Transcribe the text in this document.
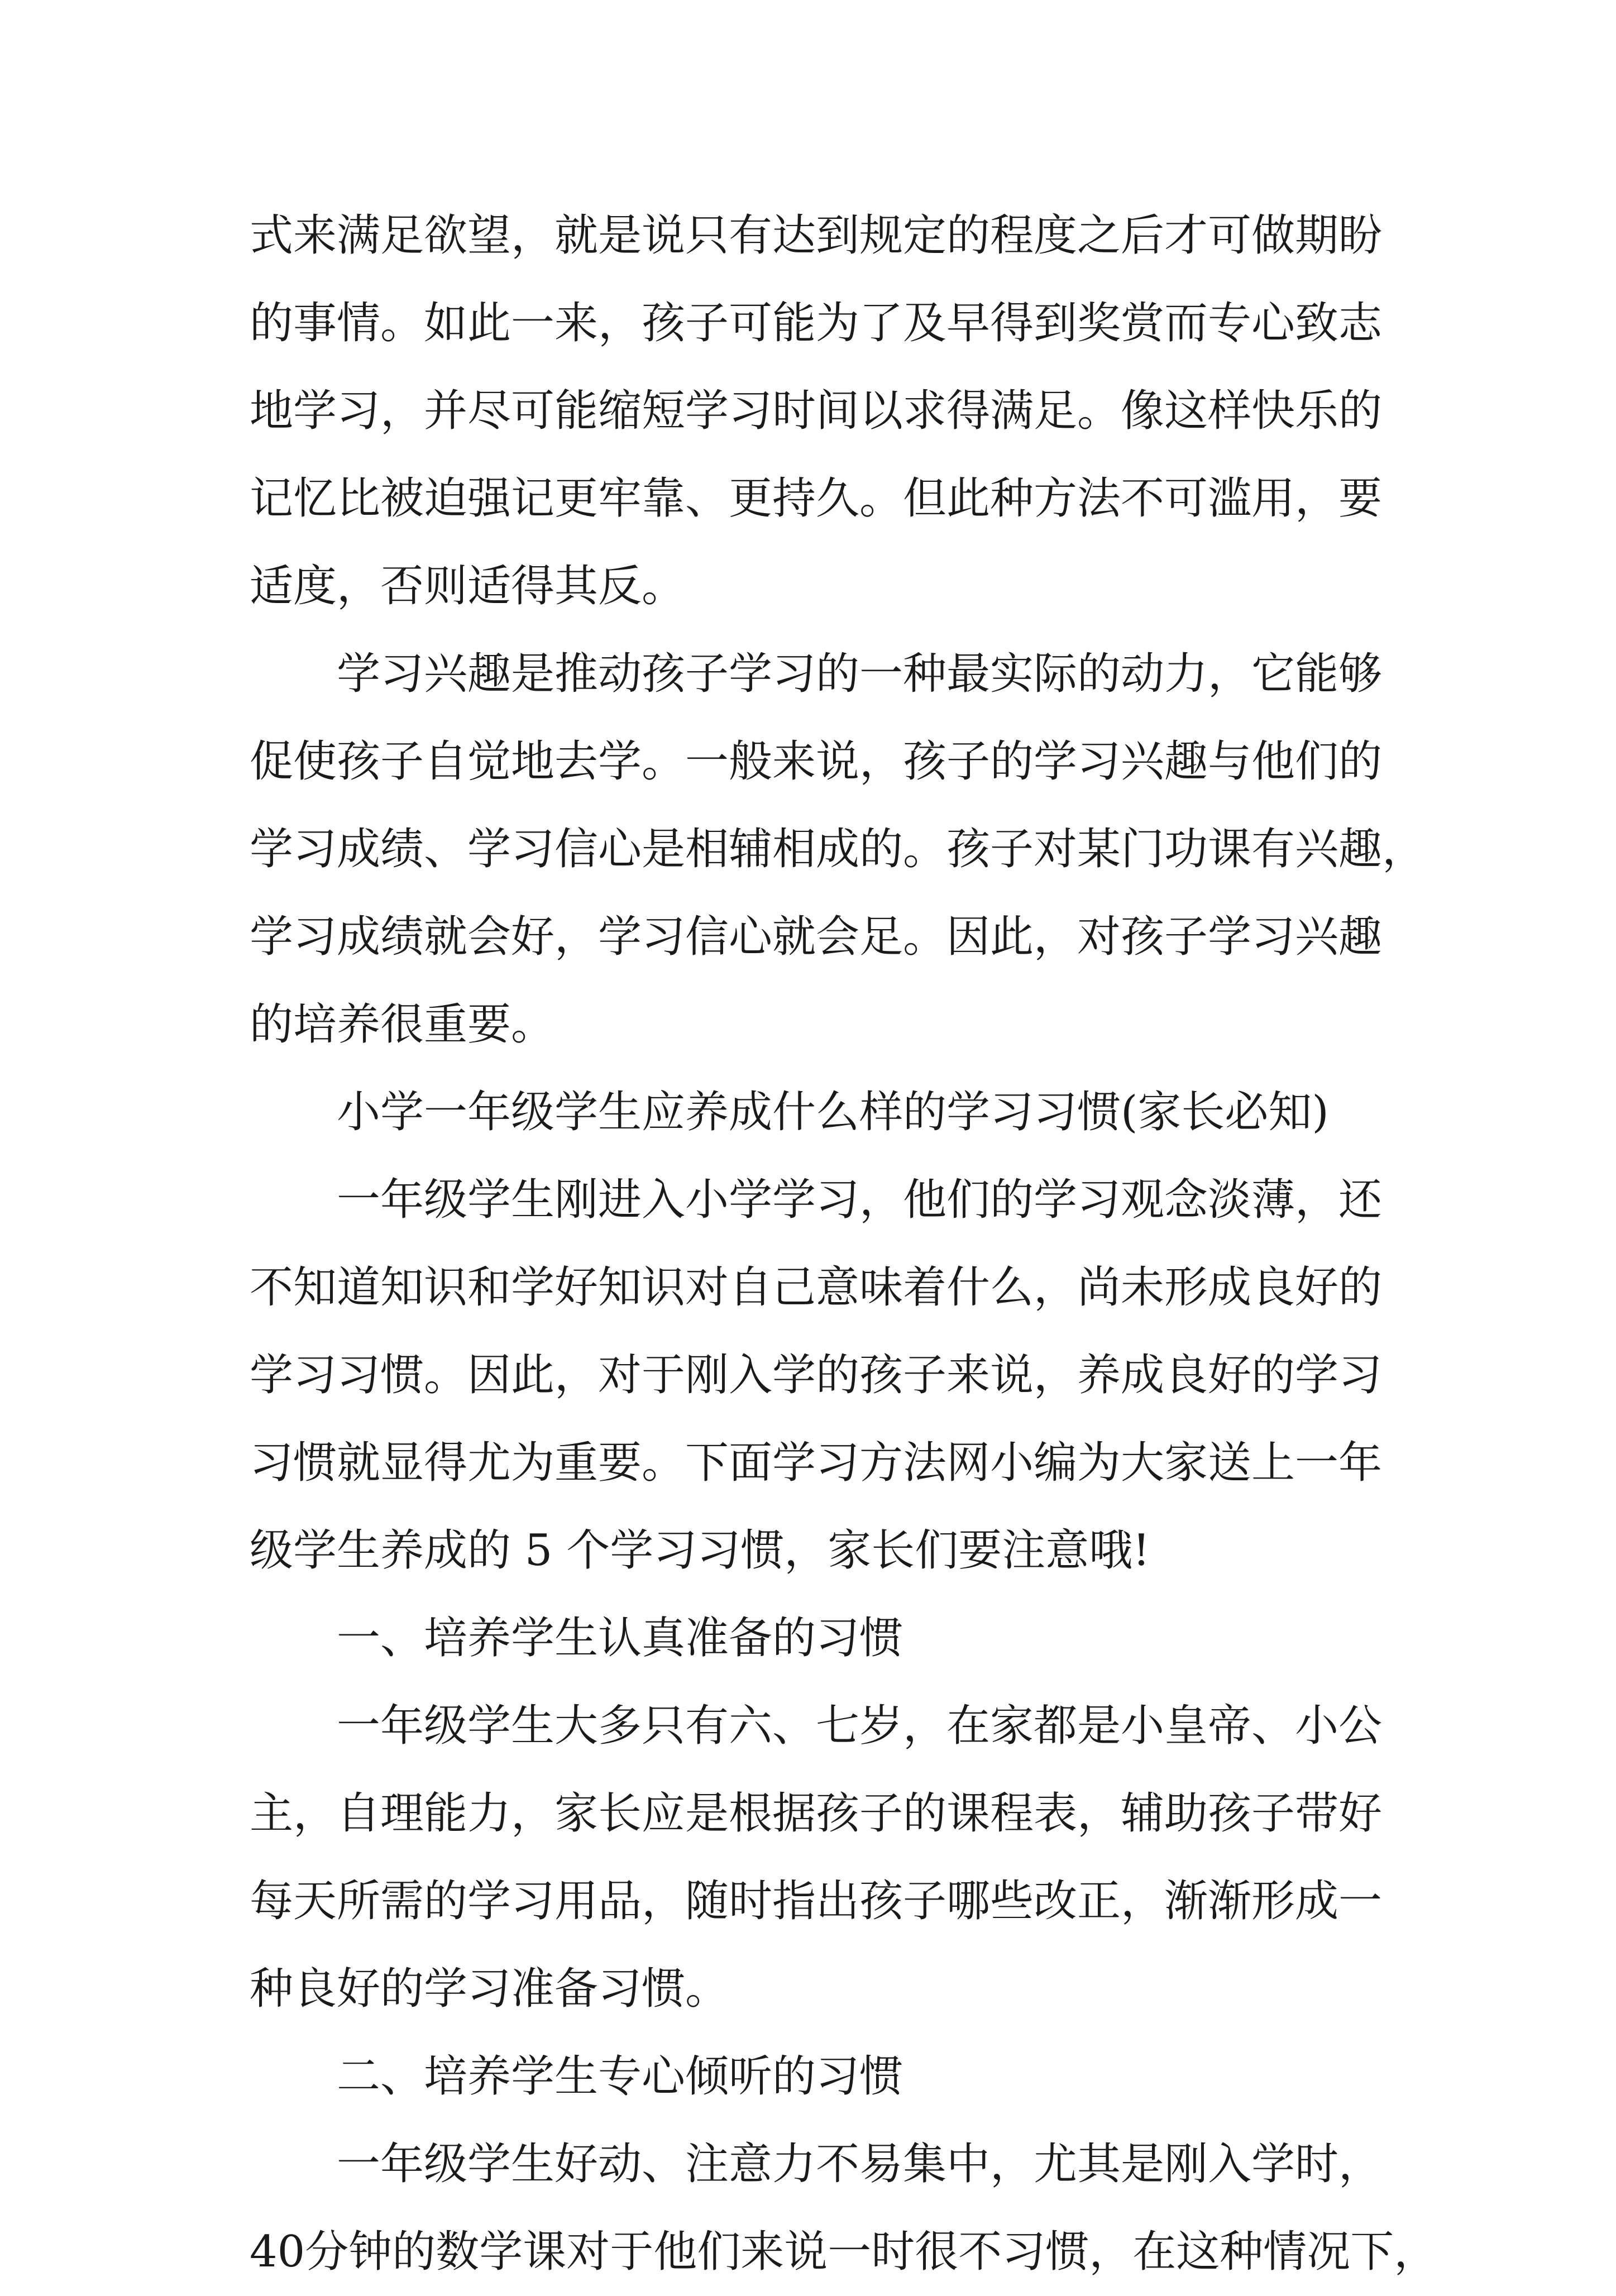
式来满足欲望，就是说只有达到规定的程度之后才可做期盼
的事情。如此一来，孩子可能为了及早得到奖赏而专心致志
地学习，并尽可能缩短学习时间以求得满足。像这样快乐的
记忆比被迫强记更牢靠、更持久。但此种方法不可滥用，要
适度，否则适得其反。
学习兴趣是推动孩子学习的一种最实际的动力，它能够
促使孩子自觉地去学。一般来说，孩子的学习兴趣与他们的
学习成绩、学习信心是相辅相成的。孩子对某门功课有兴趣，
学习成绩就会好，学习信心就会足。因此，对孩子学习兴趣
的培养很重要。
小学一年级学生应养成什么样的学习习惯(家长必知)
一年级学生刚进入小学学习，他们的学习观念淡薄，还
不知道知识和学好知识对自己意味着什么，尚未形成良好的
学习习惯。因此，对于刚入学的孩子来说，养成良好的学习
习惯就显得尤为重要。下面学习方法网小编为大家送上一年
级学生养成的 5 个学习习惯，家长们要注意哦!
一、培养学生认真准备的习惯
一年级学生大多只有六、七岁，在家都是小皇帝、小公
主，自理能力，家长应是根据孩子的课程表，辅助孩子带好
每天所需的学习用品，随时指出孩子哪些改正，渐渐形成一
种良好的学习准备习惯。
二、培养学生专心倾听的习惯
一年级学生好动、注意力不易集中，尤其是刚入学时，
40分钟的数学课对于他们来说一时很不习惯，在这种情况下，
